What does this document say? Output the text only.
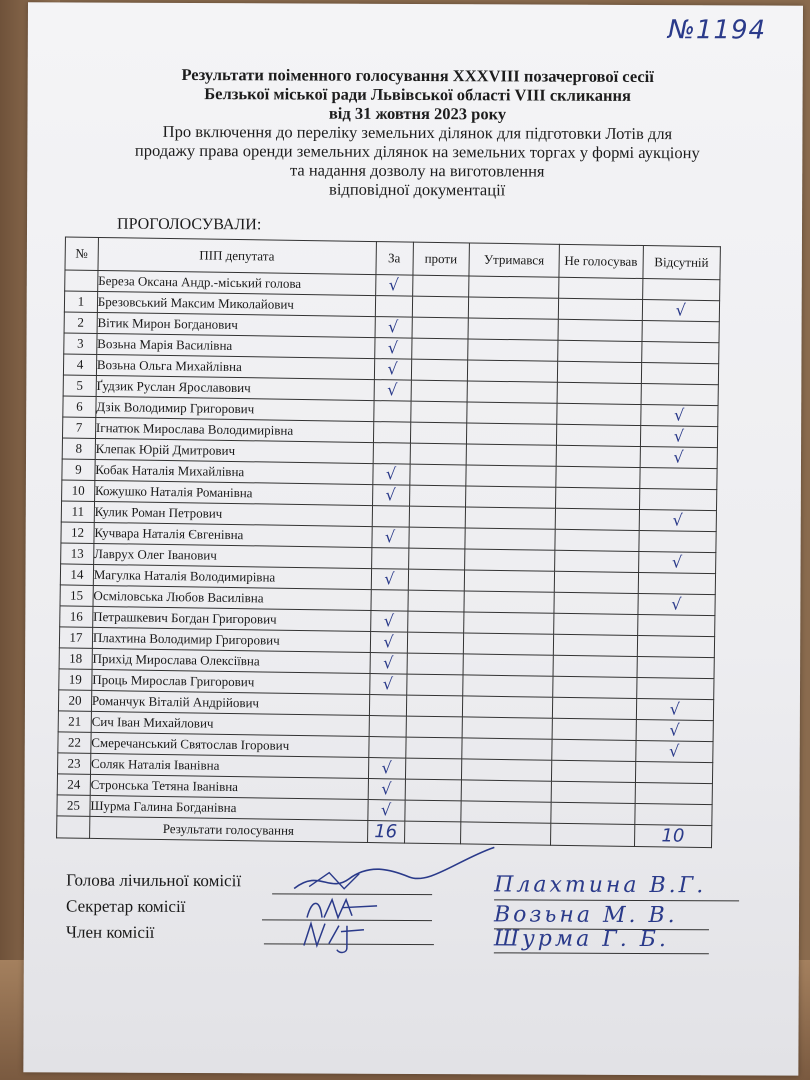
№1194
Результати поіменного голосування XXXVIII позачергової сесії
Белзької міської ради Львівської області VIII скликання
від 31 жовтня 2023 року
Про включення до переліку земельних ділянок для підготовки Лотів для
продажу права оренди земельних ділянок на земельних торгах у формі аукціону
та надання дозволу на виготовлення
відповідної документації
ПРОГОЛОСУВАЛИ:
№	ПІП депутата	За	проти	Утримався	Не голосував	Відсутній
	Береза Оксана Андр.-міський голова	√				
1	Брезовський Максим Миколайович					√
2	Вітик Мирон Богданович	√				
3	Возьна Марія Василівна	√				
4	Возьна Ольга Михайлівна	√				
5	Ґудзик Руслан Ярославович	√				
6	Дзік Володимир Григорович					√
7	Ігнатюк Мирослава Володимирівна					√
8	Клепак Юрій Дмитрович					√
9	Кобак Наталія Михайлівна	√				
10	Кожушко Наталія Романівна	√				
11	Кулик Роман Петрович					√
12	Кучвара Наталія Євгенівна	√				
13	Лаврух Олег Іванович					√
14	Магулка Наталія Володимирівна	√				
15	Осміловська Любов Василівна					√
16	Петрашкевич Богдан Григорович	√				
17	Плахтина Володимир Григорович	√				
18	Прихід Мирослава Олексіївна	√				
19	Проць Мирослав Григорович	√				
20	Романчук Віталій Андрійович					√
21	Сич Іван Михайлович					√
22	Смеречанський Святослав Ігорович					√
23	Соляк Наталія Іванівна	√				
24	Стронська Тетяна Іванівна	√				
25	Шурма Галина Богданівна	√				
	Результати голосування	16				10
Голова лічильної комісії	Плахтина В.Г.
Секретар комісії	Возьна М. В.
Член комісії	Шурма Г. Б.
